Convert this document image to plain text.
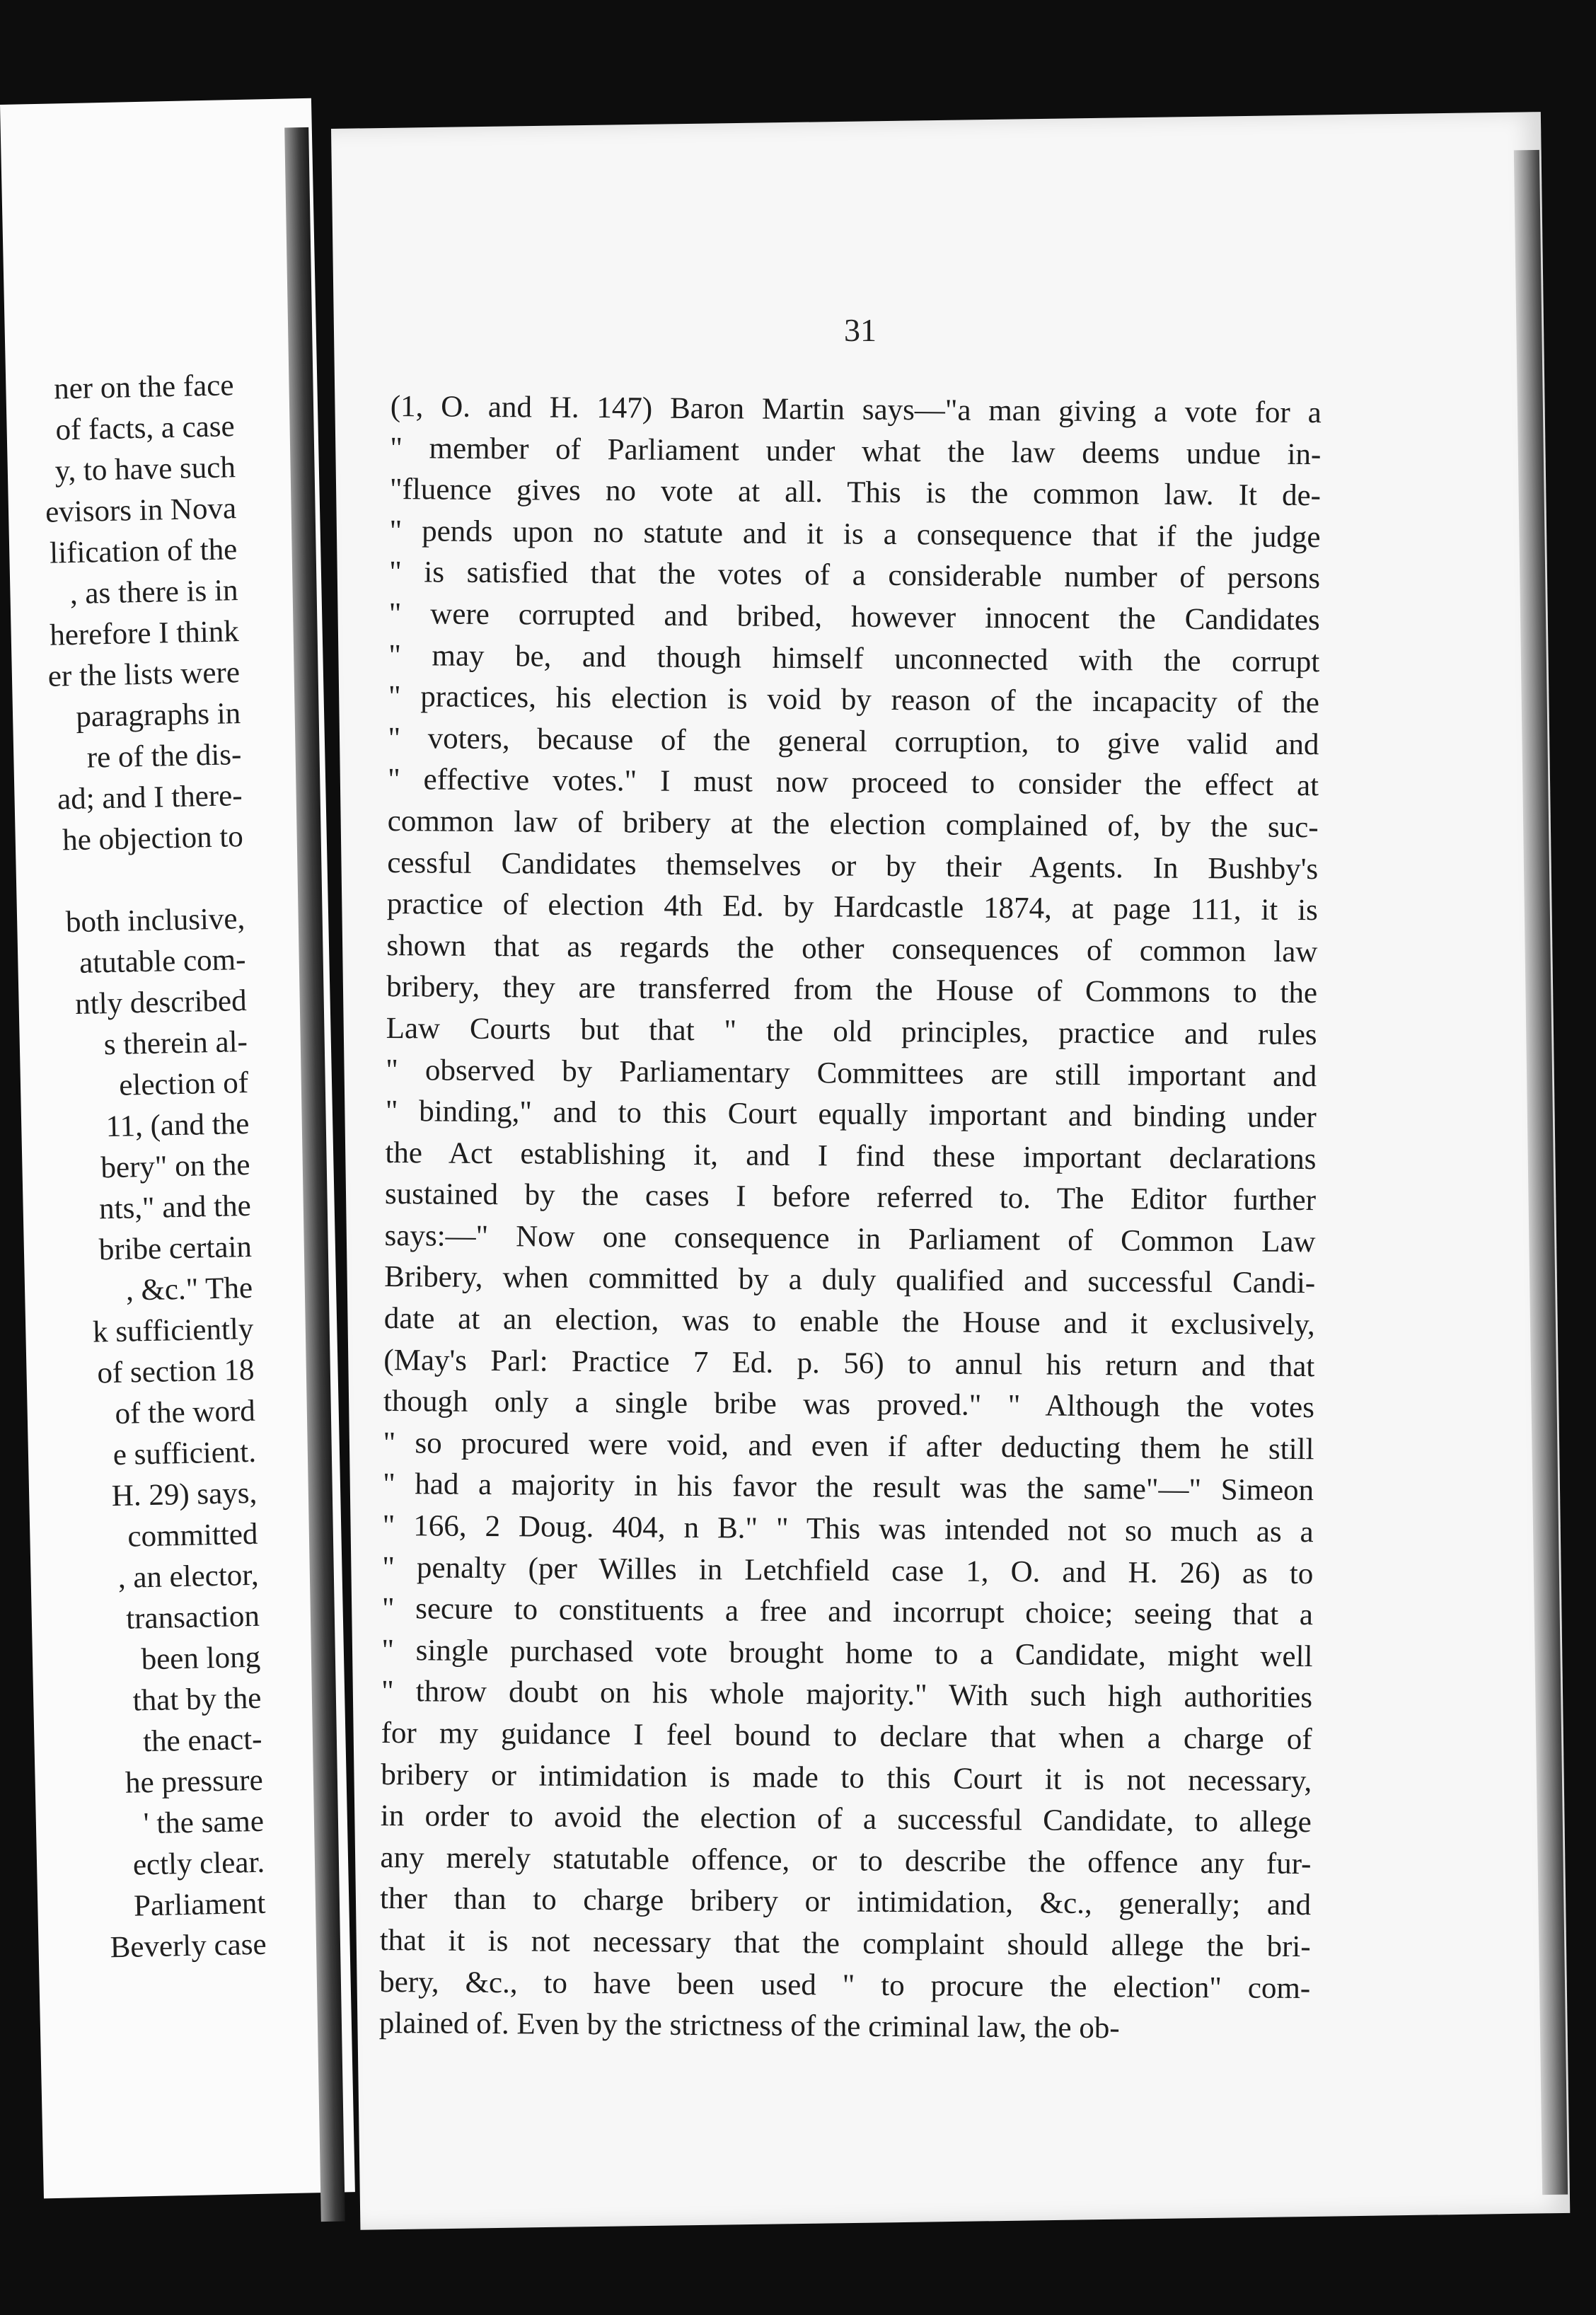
ner on the face
of facts, a case
y, to have such
evisors in Nova
lification of the
, as there is in
herefore I think
er the lists were
paragraphs in
re of the dis-
ad; and I there-
he objection to
both inclusive,
atutable com-
ntly described
s therein al-
election of
11, (and the
bery" on the
nts," and the
bribe certain
, &c." The
k sufficiently
of section 18
of the word
e sufficient.
H. 29) says,
committed
, an elector,
transaction
been long
that by the
the enact-
he pressure
' the same
ectly clear.
Parliament
Beverly case
31
(1, O. and H. 147) Baron Martin says—"a man giving a vote for a
" member of Parliament under what the law deems undue in-
"fluence gives no vote at all. This is the common law. It de-
" pends upon no statute and it is a consequence that if the judge
" is satisfied that the votes of a considerable number of persons
" were corrupted and bribed, however innocent the Candidates
" may be, and though himself unconnected with the corrupt
" practices, his election is void by reason of the incapacity of the
" voters, because of the general corruption, to give valid and
" effective votes." I must now proceed to consider the effect at
common law of bribery at the election complained of, by the suc-
cessful Candidates themselves or by their Agents. In Bushby's
practice of election 4th Ed. by Hardcastle 1874, at page 111, it is
shown that as regards the other consequences of common law
bribery, they are transferred from the House of Commons to the
Law Courts but that " the old principles, practice and rules
" observed by Parliamentary Committees are still important and
" binding," and to this Court equally important and binding under
the Act establishing it, and I find these important declarations
sustained by the cases I before referred to. The Editor further
says:—" Now one consequence in Parliament of Common Law
Bribery, when committed by a duly qualified and successful Candi-
date at an election, was to enable the House and it exclusively,
(May's Parl: Practice 7 Ed. p. 56) to annul his return and that
though only a single bribe was proved." " Although the votes
" so procured were void, and even if after deducting them he still
" had a majority in his favor the result was the same"—" Simeon
" 166, 2 Doug. 404, n B." " This was intended not so much as a
" penalty (per Willes in Letchfield case 1, O. and H. 26) as to
" secure to constituents a free and incorrupt choice; seeing that a
" single purchased vote brought home to a Candidate, might well
" throw doubt on his whole majority." With such high authorities
for my guidance I feel bound to declare that when a charge of
bribery or intimidation is made to this Court it is not necessary,
in order to avoid the election of a successful Candidate, to allege
any merely statutable offence, or to describe the offence any fur-
ther than to charge bribery or intimidation, &c., generally; and
that it is not necessary that the complaint should allege the bri-
bery, &c., to have been used " to procure the election" com-
plained of. Even by the strictness of the criminal law, the ob-
